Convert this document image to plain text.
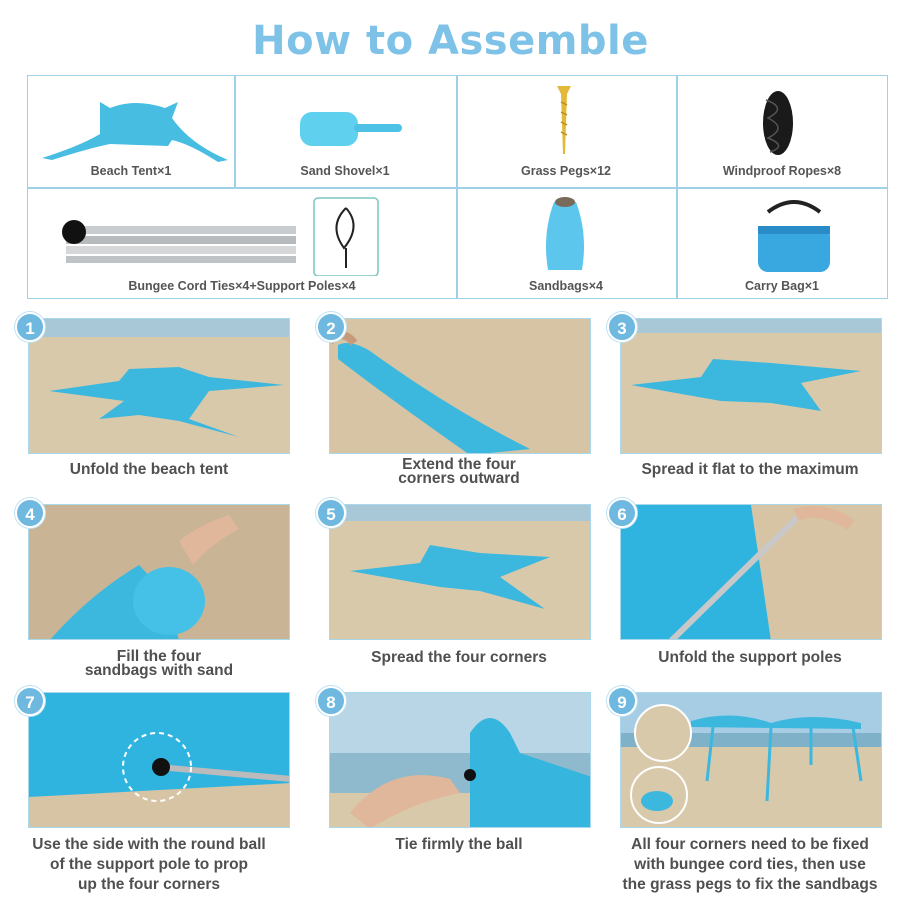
How to Assemble
Beach Tent×1	Sand Shovel×1	Grass Pegs×12	Windproof Ropes×8
Bungee Cord Ties×4+Support Poles×4	Sandbags×4	Carry Bag×1
1
Unfold the beach tent
2
Extend the four
corners outward
3
Spread it flat to the maximum
4
Fill the four
sandbags with sand
5
Spread the four corners
6
Unfold the support poles
7
Use the side with the round ball
of the support pole to prop
up the four corners
8
Tie firmly the ball
9
All four corners need to be fixed
with bungee cord ties, then use
the grass pegs to fix the sandbags
